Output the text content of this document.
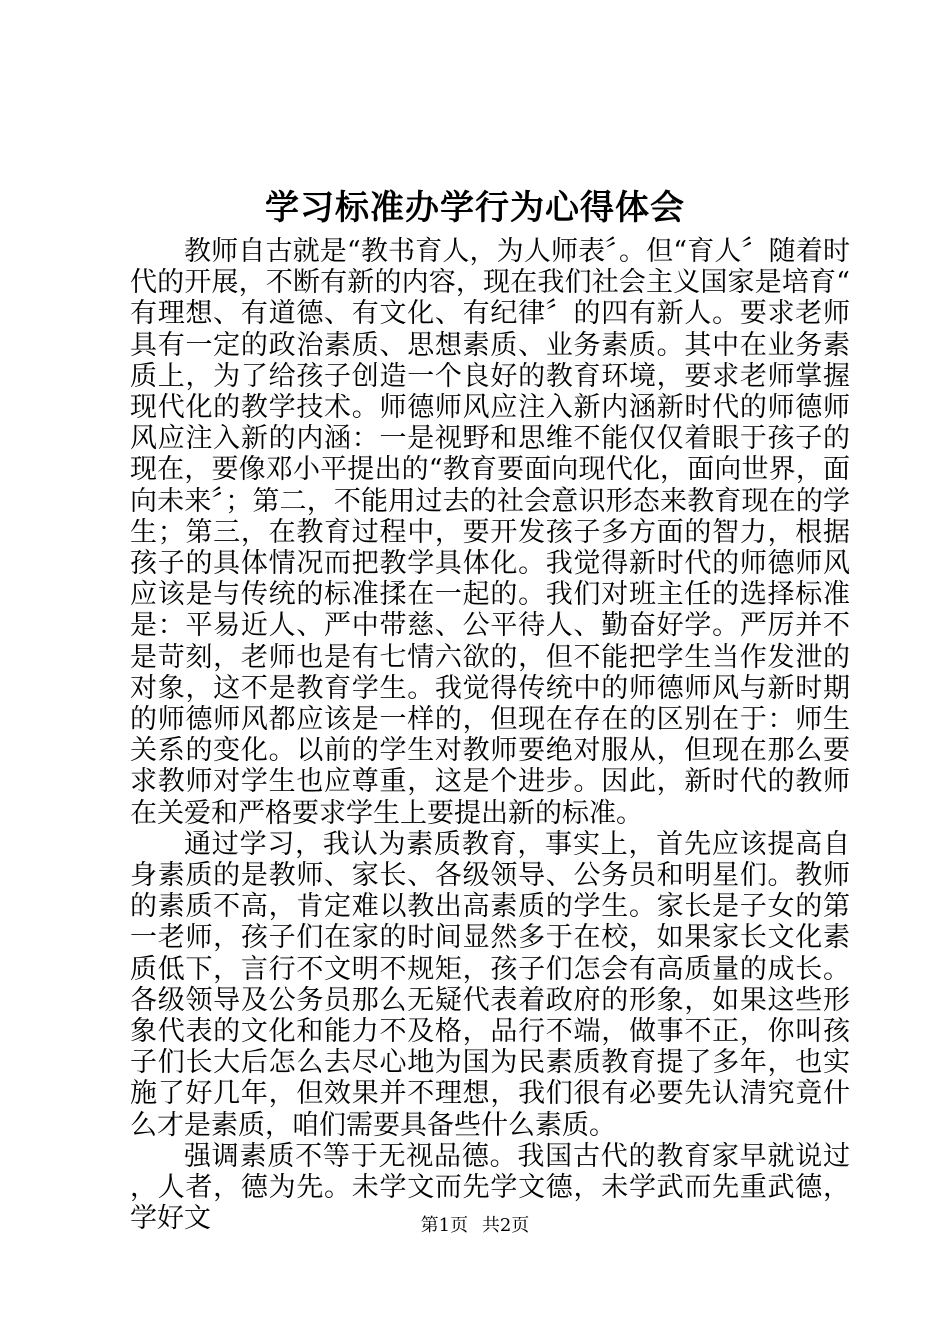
学习标准办学行为心得体会

教师自古就是“教书育人，为人师表〞。但“育人〞随着时代的开展，不断有新的内容，现在我们社会主义国家是培育“有理想、有道德、有文化、有纪律〞的四有新人。要求老师具有一定的政治素质、思想素质、业务素质。其中在业务素质上，为了给孩子创造一个良好的教育环境，要求老师掌握现代化的教学技术。师德师风应注入新内涵新时代的师德师风应注入新的内涵：一是视野和思维不能仅仅着眼于孩子的现在，要像邓小平提出的“教育要面向现代化，面向世界，面向未来〞；第二，不能用过去的社会意识形态来教育现在的学生；第三，在教育过程中，要开发孩子多方面的智力，根据孩子的具体情况而把教学具体化。我觉得新时代的师德师风应该是与传统的标准揉在一起的。我们对班主任的选择标准是：平易近人、严中带慈、公平待人、勤奋好学。严厉并不是苛刻，老师也是有七情六欲的，但不能把学生当作发泄的对象，这不是教育学生。我觉得传统中的师德师风与新时期的师德师风都应该是一样的，但现在存在的区别在于：师生关系的变化。以前的学生对教师要绝对服从，但现在那么要求教师对学生也应尊重，这是个进步。因此，新时代的教师在关爱和严格要求学生上要提出新的标准。

通过学习，我认为素质教育，事实上，首先应该提高自身素质的是教师、家长、各级领导、公务员和明星们。教师的素质不高，肯定难以教出高素质的学生。家长是子女的第一老师，孩子们在家的时间显然多于在校，如果家长文化素质低下，言行不文明不规矩，孩子们怎会有高质量的成长。各级领导及公务员那么无疑代表着政府的形象，如果这些形象代表的文化和能力不及格，品行不端，做事不正，你叫孩子们长大后怎么去尽心地为国为民素质教育提了多年，也实施了好几年，但效果并不理想，我们很有必要先认清究竟什么才是素质，咱们需要具备些什么素质。

强调素质不等于无视品德。我国古代的教育家早就说过，人者，德为先。未学文而先学文德，未学武而先重武德，学好文	第1页 共2页
